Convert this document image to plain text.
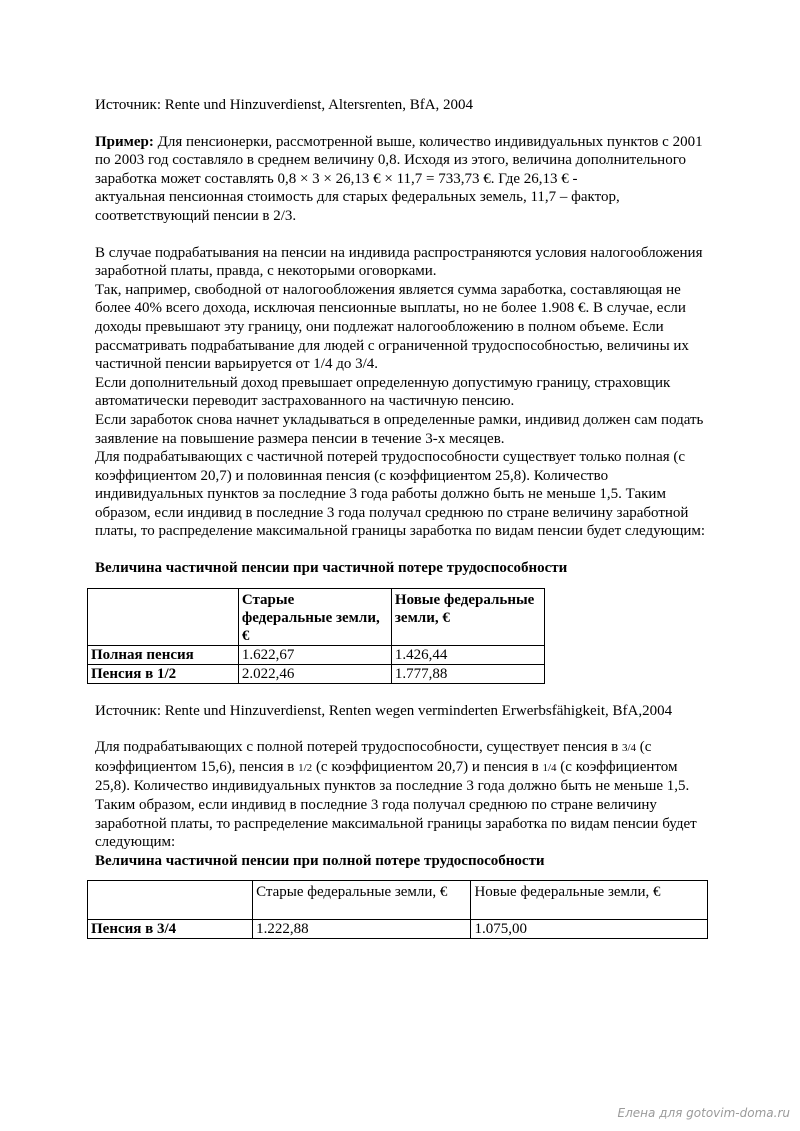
Источник: Rente und Hinzuverdienst, Altersrenten, BfA, 2004

Пример: Для пенсионерки, рассмотренной выше, количество индивидуальных пунктов с 2001 по 2003 год составляло в среднем величину 0,8. Исходя из этого, величина дополнительного заработка может составлять 0,8 × 3 × 26,13 € × 11,7 = 733,73 €. Где 26,13 € -

актуальная пенсионная стоимость для старых федеральных земель, 11,7 – фактор, соответствующий пенсии в 2/3.

В случае подрабатывания на пенсии на индивида распространяются условия налогообложения заработной платы, правда, с некоторыми оговорками.

Так, например, свободной от налогообложения является сумма заработка, составляющая не более 40% всего дохода, исключая пенсионные выплаты, но не более 1.908 €. В случае, если доходы превышают эту границу, они подлежат налогообложению в полном объеме. Если рассматривать подрабатывание для людей с ограниченной трудоспособностью, величины их частичной пенсии варьируется от 1/4 до 3/4.

Если дополнительный доход превышает определенную допустимую границу, страховщик автоматически переводит застрахованного на частичную пенсию.

Если заработок снова начнет укладываться в определенные рамки, индивид должен сам подать заявление на повышение размера пенсии в течение 3-х месяцев.

Для подрабатывающих с частичной потерей трудоспособности существует только полная (с коэффициентом 20,7) и половинная пенсия (с коэффициентом 25,8). Количество индивидуальных пунктов за последние 3 года работы должно быть не меньше 1,5. Таким образом, если индивид в последние 3 года получал среднюю по стране величину заработной платы, то распределение максимальной границы заработка по видам пенсии будет следующим:

Величина частичной пенсии при частичной потере трудоспособности
	Старые федеральные земли, €	Новые федеральные земли, €
Полная пенсия	1.622,67	1.426,44
Пенсия в 1/2	2.022,46	1.777,88

Источник: Rente und Hinzuverdienst, Renten wegen verminderten Erwerbsfähigkeit, BfA,2004

Для подрабатывающих с полной потерей трудоспособности, существует пенсия в 3/4 (с коэффициентом 15,6), пенсия в 1/2 (с коэффициентом 20,7) и пенсия в 1/4 (с коэффициентом 25,8). Количество индивидуальных пунктов за последние 3 года должно быть не меньше 1,5. Таким образом, если индивид в последние 3 года получал среднюю по стране величину заработной платы, то распределение максимальной границы заработка по видам пенсии будет

следующим:

Величина частичной пенсии при полной потере трудоспособности
	Старые федеральные земли, €	Новые федеральные земли, €
Пенсия в 3/4	1.222,88	1.075,00
Елена для gotovim-doma.ru
